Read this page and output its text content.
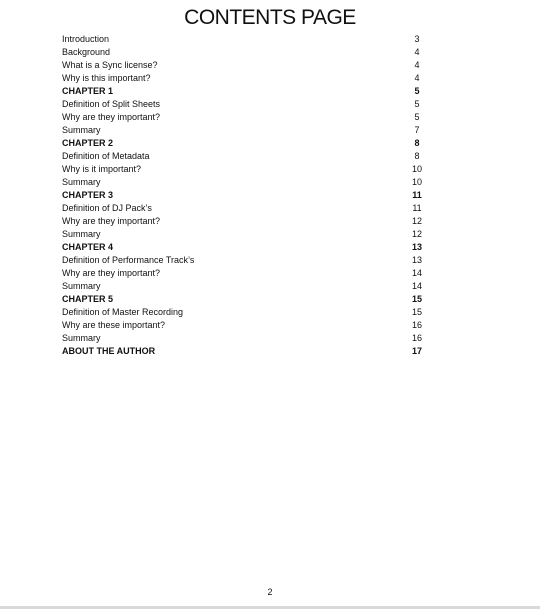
CONTENTS PAGE
Introduction	3
Background	4
What is a Sync license?	4
Why is this important?	4
CHAPTER 1	5
Definition of Split Sheets	5
Why are they important?	5
Summary	7
CHAPTER 2	8
Definition of Metadata	8
Why is it important?	10
Summary	10
CHAPTER 3	11
Definition of DJ Pack’s	11
Why are they important?	12
Summary	12
CHAPTER 4	13
Definition of Performance Track’s	13
Why are they important?	14
Summary	14
CHAPTER 5	15
Definition of Master Recording	15
Why are these important?	16
Summary	16
ABOUT THE AUTHOR	17
2
